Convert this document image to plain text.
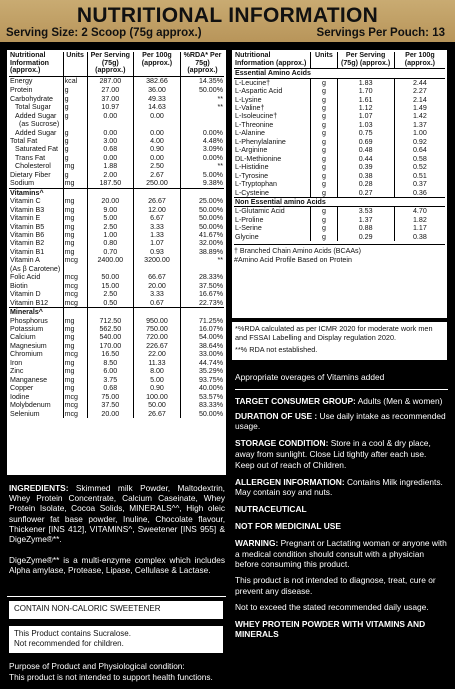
NUTRITIONAL INFORMATION
Serving Size: 2 Scoop (75g approx.)	Servings Per Pouch: 13
Nutritional Information (approx.)	Units	Per Serving (75g) (approx.)	Per 100g (approx.)	%RDA* Per 75g) (approx.)
Energy	kcal	287.00	382.66	14.35%
Protein	g	27.00	36.00	50.00%
Carbohydrate	g	37.00	49.33	**
Total Sugar	g	10.97	14.63	**
Added Sugar	g	0.00	0.00	
(as Sucrose)				
Added Sugar	g	0.00	0.00	0.00%
Total Fat	g	3.00	4.00	4.48%
Saturated Fat	g	0.68	0.90	3.09%
Trans Fat	g	0.00	0.00	0.00%
Cholesterol	mg	1.88	2.50	**
Dietary Fiber	g	2.00	2.67	5.00%
Sodium	mg	187.50	250.00	9.38%
Vitamins^				
Vitamin C	mg	20.00	26.67	25.00%
Vitamin B3	mg	9.00	12.00	50.00%
Vitamin E	mg	5.00	6.67	50.00%
Vitamin B5	mg	2.50	3.33	50.00%
Vitamin B6	mg	1.00	1.33	41.67%
Vitamin B2	mg	0.80	1.07	32.00%
Vitamin B1	mg	0.70	0.93	38.89%
Vitamin A	mcg	2400.00	3200.00	**
(As β Carotene)				
Folic Acid	mcg	50.00	66.67	28.33%
Biotin	mcg	15.00	20.00	37.50%
Vitamin D	mcg	2.50	3.33	16.67%
Vitamin B12	mcg	0.50	0.67	22.73%
Minerals^				
Phosphorus	mg	712.50	950.00	71.25%
Potassium	mg	562.50	750.00	16.07%
Calcium	mg	540.00	720.00	54.00%
Magnesium	mg	170.00	226.67	38.64%
Chromium	mcg	16.50	22.00	33.00%
Iron	mg	8.50	11.33	44.74%
Zinc	mg	6.00	8.00	35.29%
Manganese	mg	3.75	5.00	93.75%
Copper	mg	0.68	0.90	40.00%
Iodine	mcg	75.00	100.00	53.57%
Molybdenum	mcg	37.50	50.00	83.33%
Selenium	mcg	20.00	26.67	50.00%
Nutritional Information (approx.)	Units	Per Serving (75g) (approx.)	Per 100g (approx.)
Essential Amino Acids			
L-Leucine†	g	1.83	2.44
L-Aspartic Acid	g	1.70	2.27
L-Lysine	g	1.61	2.14
L-Valine†	g	1.12	1.49
L-Isoleucine†	g	1.07	1.42
L-Threonine	g	1.03	1.37
L-Alanine	g	0.75	1.00
L-Phenylalanine	g	0.69	0.92
L-Arginine	g	0.48	0.64
DL-Methionine	g	0.44	0.58
L-Histidine	g	0.39	0.52
L-Tyrosine	g	0.38	0.51
L-Tryptophan	g	0.28	0.37
L-Cysteine	g	0.27	0.36
Non Essential amino Acids			
L-Glutamic Acid	g	3.53	4.70
L-Proline	g	1.37	1.82
L-Serine	g	0.88	1.17
Glycine	g	0.29	0.38
† Branched Chain Amino Acids (BCAAs)
#Amino Acid Profile Based on Protein
*%RDA calculated as per ICMR 2020 for moderate work men and FSSAI Labelling and Display regulation 2020.
**% RDA not established.
Appropriate overages of Vitamins added
TARGET CONSUMER GROUP: Adults (Men & women)
DURATION OF USE : Use daily intake as recommended usage.
STORAGE CONDITION: Store in a cool & dry place, away from sunlight. Close Lid tightly after each use. Keep out of reach of Children.
ALLERGEN INFORMATION: Contains Milk ingredients. May contain soy and nuts.
NUTRACEUTICAL
NOT FOR MEDICINAL USE
WARNING: Pregnant or Lactating woman or anyone with a medical condition should consult with a physician before consuming this product.
This product is not intended to diagnose, treat, cure or prevent any disease.
Not to exceed the stated recommended daily usage.
WHEY PROTEIN POWDER WITH VITAMINS AND MINERALS
INGREDIENTS: Skimmed milk Powder, Maltodextrin, Whey Protein Concentrate, Calcium Caseinate, Whey Protein Isolate, Cocoa Solids, MINERALS^^, High oleic sunflower fat base powder, Inuline, Chocolate flavour, Thickener [INS 412], VITAMINS^, Sweetener [INS 955] & DigeZyme®**.
DigeZyme®** is a multi-enzyme complex which includes Alpha amylase, Protease, Lipase, Cellulase & Lactase.
CONTAIN NON-CALORIC SWEETENER
This Product contains Sucralose.
Not recommended for children.
Purpose of Product and Physiological condition:
This product is not intended to support health functions.
